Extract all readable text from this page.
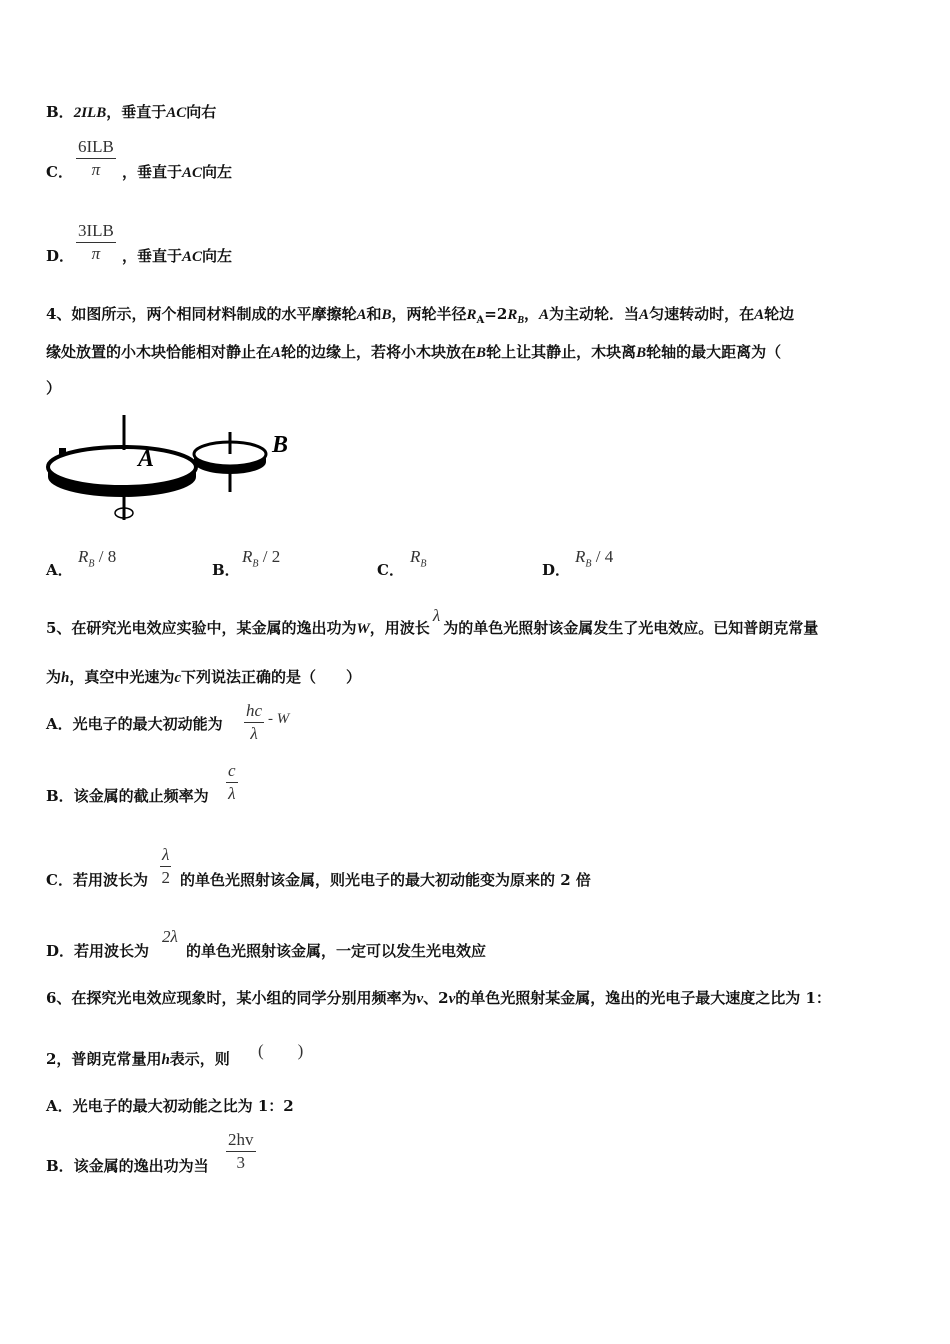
B．2ILB，垂直于AC向右
C．
6ILB
π	，垂直于AC向左
D．
3ILB
π	，垂直于AC向左
4、如图所示，两个相同材料制成的水平摩擦轮A和B，两轮半径$R_A=2R_B$，A为主动轮．当A匀速转动时，在A轮边
缘处放置的小木块恰能相对静止在A轮的边缘上，若将小木块放在B轮上让其静止，木块离B轮轴的最大距离为（
）
A
B
A．
$R_B / 8$
B．
$R_B / 2$
C．
$R_B$	D．
$R_B / 4$
5、在研究光电效应实验中，某金属的逸出功为W，用波长λ为的单色光照射该金属发生了光电效应。已知普朗克常量
为h，真空中光速为c下列说法正确的是（　　）
A．光电子的最大初动能为 $\frac{hc}{\lambda}$ - W
B．该金属的截止频率为 $\frac{c}{\lambda}$
C．若用波长为 $\frac{\lambda}{2}$ 的单色光照射该金属，则光电子的最大初动能变为原来的 2 倍
D．若用波长为
2λ
的单色光照射该金属，一定可以发生光电效应
6、在探究光电效应现象时，某小组的同学分别用频率为v、2v的单色光照射某金属，逸出的光电子最大速度之比为 1：
2，普朗克常量用h表示，则 (　　)
A．光电子的最大初动能之比为 1：2
B．该金属的逸出功为当 $\frac{2hv}{3}$
